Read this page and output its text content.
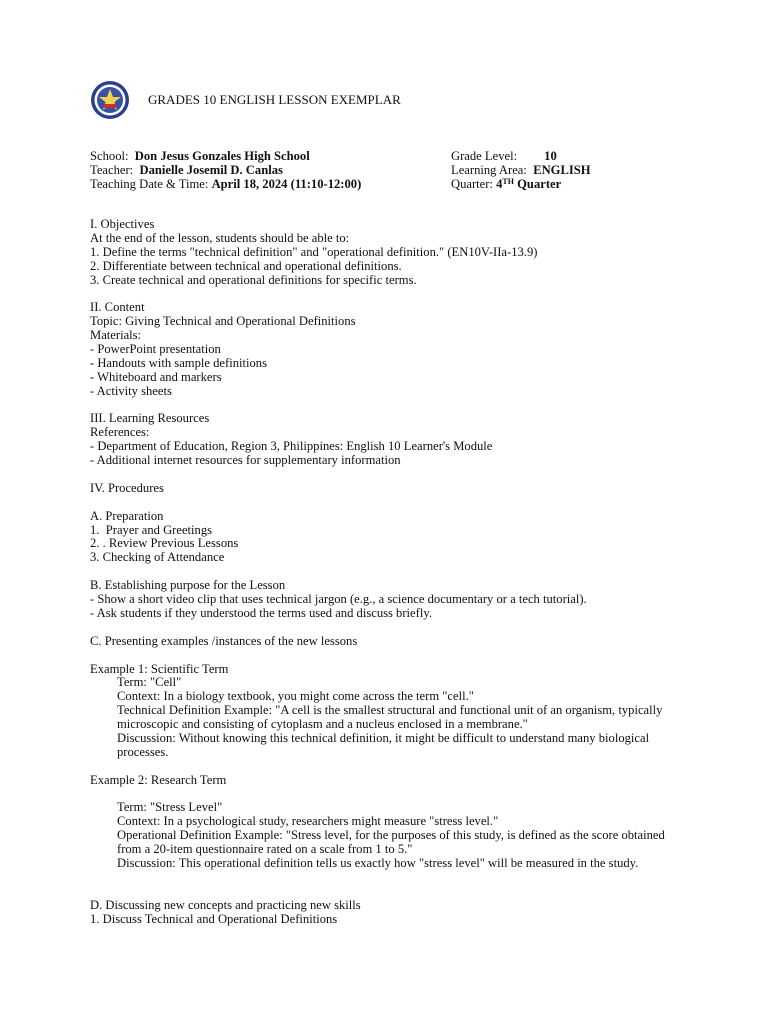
GRADES 10 ENGLISH LESSON EXEMPLAR
School: Don Jesus Gonzales High School	Grade Level: 10
Teacher: Danielle Josemil D. Canlas	Learning Area: ENGLISH
Teaching Date & Time: April 18, 2024 (11:10-12:00)	Quarter: 4TH Quarter
I. Objectives
At the end of the lesson, students should be able to:
1. Define the terms "technical definition" and "operational definition." (EN10V-IIa-13.9)
2. Differentiate between technical and operational definitions.
3. Create technical and operational definitions for specific terms.
II. Content
Topic: Giving Technical and Operational Definitions
Materials:
- PowerPoint presentation
- Handouts with sample definitions
- Whiteboard and markers
- Activity sheets
III. Learning Resources
References:
- Department of Education, Region 3, Philippines: English 10 Learner's Module
- Additional internet resources for supplementary information
IV. Procedures
A. Preparation
1.  Prayer and Greetings
2. . Review Previous Lessons
3. Checking of Attendance
B. Establishing purpose for the Lesson
- Show a short video clip that uses technical jargon (e.g., a science documentary or a tech tutorial).
- Ask students if they understood the terms used and discuss briefly.
C. Presenting examples /instances of the new lessons
Example 1: Scientific Term
Term: "Cell"
Context: In a biology textbook, you might come across the term "cell."
Technical Definition Example: "A cell is the smallest structural and functional unit of an organism, typically microscopic and consisting of cytoplasm and a nucleus enclosed in a membrane."
Discussion: Without knowing this technical definition, it might be difficult to understand many biological processes.
Example 2: Research Term
Term: "Stress Level"
Context: In a psychological study, researchers might measure "stress level."
Operational Definition Example: "Stress level, for the purposes of this study, is defined as the score obtained from a 20-item questionnaire rated on a scale from 1 to 5."
Discussion: This operational definition tells us exactly how "stress level" will be measured in the study.
D. Discussing new concepts and practicing new skills
1. Discuss Technical and Operational Definitions
